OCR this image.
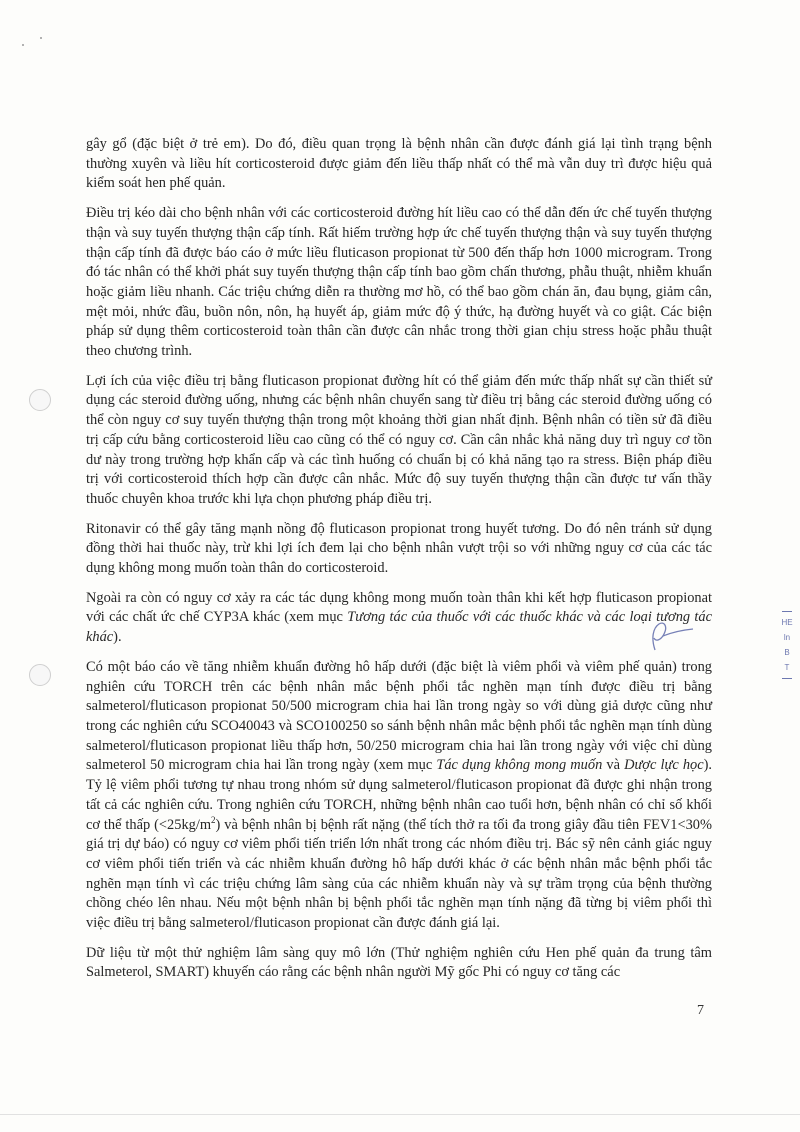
gây gổ (đặc biệt ở trẻ em). Do đó, điều quan trọng là bệnh nhân cần được đánh giá lại tình trạng bệnh thường xuyên và liều hít corticosteroid được giảm đến liều thấp nhất có thể mà vẫn duy trì được hiệu quả kiểm soát hen phế quản.

Điều trị kéo dài cho bệnh nhân với các corticosteroid đường hít liều cao có thể dẫn đến ức chế tuyến thượng thận và suy tuyến thượng thận cấp tính. Rất hiếm trường hợp ức chế tuyến thượng thận và suy tuyến thượng thận cấp tính đã được báo cáo ở mức liều fluticason propionat từ 500 đến thấp hơn 1000 microgram. Trong đó tác nhân có thể khởi phát suy tuyến thượng thận cấp tính bao gồm chấn thương, phẫu thuật, nhiễm khuẩn hoặc giảm liều nhanh. Các triệu chứng diễn ra thường mơ hồ, có thể bao gồm chán ăn, đau bụng, giảm cân, mệt mỏi, nhức đầu, buồn nôn, nôn, hạ huyết áp, giảm mức độ ý thức, hạ đường huyết và co giật. Các biện pháp sử dụng thêm corticosteroid toàn thân cần được cân nhắc trong thời gian chịu stress hoặc phẫu thuật theo chương trình.

Lợi ích của việc điều trị bằng fluticason propionat đường hít có thể giảm đến mức thấp nhất sự cần thiết sử dụng các steroid đường uống, nhưng các bệnh nhân chuyển sang từ điều trị bằng các steroid đường uống có thể còn nguy cơ suy tuyến thượng thận trong một khoảng thời gian nhất định. Bệnh nhân có tiền sử đã điều trị cấp cứu bằng corticosteroid liều cao cũng có thể có nguy cơ. Cần cân nhắc khả năng duy trì nguy cơ tồn dư này trong trường hợp khẩn cấp và các tình huống có chuẩn bị có khả năng tạo ra stress. Biện pháp điều trị với corticosteroid thích hợp cần được cân nhắc. Mức độ suy tuyến thượng thận cần được tư vấn thầy thuốc chuyên khoa trước khi lựa chọn phương pháp điều trị.

Ritonavir có thể gây tăng mạnh nồng độ fluticason propionat trong huyết tương. Do đó nên tránh sử dụng đồng thời hai thuốc này, trừ khi lợi ích đem lại cho bệnh nhân vượt trội so với những nguy cơ của các tác dụng không mong muốn toàn thân do corticosteroid.

Ngoài ra còn có nguy cơ xảy ra các tác dụng không mong muốn toàn thân khi kết hợp fluticason propionat với các chất ức chế CYP3A khác (xem mục Tương tác của thuốc với các thuốc khác và các loại tương tác khác).

Có một báo cáo về tăng nhiễm khuẩn đường hô hấp dưới (đặc biệt là viêm phổi và viêm phế quản) trong nghiên cứu TORCH trên các bệnh nhân mắc bệnh phổi tắc nghẽn mạn tính được điều trị bằng salmeterol/fluticason propionat 50/500 microgram chia hai lần trong ngày so với dùng giả dược cũng như trong các nghiên cứu SCO40043 và SCO100250 so sánh bệnh nhân mắc bệnh phổi tắc nghẽn mạn tính dùng salmeterol/fluticason propionat liều thấp hơn, 50/250 microgram chia hai lần trong ngày với việc chỉ dùng salmeterol 50 microgram chia hai lần trong ngày (xem mục Tác dụng không mong muốn và Dược lực học). Tỷ lệ viêm phổi tương tự nhau trong nhóm sử dụng salmeterol/fluticason propionat đã được ghi nhận trong tất cả các nghiên cứu. Trong nghiên cứu TORCH, những bệnh nhân cao tuổi hơn, bệnh nhân có chỉ số khối cơ thể thấp $(<25kg/m^2)$ và bệnh nhân bị bệnh rất nặng (thể tích thở ra tối đa trong giây đầu tiên FEV1<30% giá trị dự báo) có nguy cơ viêm phổi tiến triển lớn nhất trong các nhóm điều trị. Bác sỹ nên cảnh giác nguy cơ viêm phổi tiến triển và các nhiễm khuẩn đường hô hấp dưới khác ở các bệnh nhân mắc bệnh phổi tắc nghẽn mạn tính vì các triệu chứng lâm sàng của các nhiễm khuẩn này và sự trầm trọng của bệnh thường chồng chéo lên nhau. Nếu một bệnh nhân bị bệnh phổi tắc nghẽn mạn tính nặng đã từng bị viêm phổi thì việc điều trị bằng salmeterol/fluticason propionat cần được đánh giá lại.

Dữ liệu từ một thử nghiệm lâm sàng quy mô lớn (Thử nghiệm nghiên cứu Hen phế quản đa trung tâm Salmeterol, SMART) khuyến cáo rằng các bệnh nhân người Mỹ gốc Phi có nguy cơ tăng các

HE
ln
B
T
7
